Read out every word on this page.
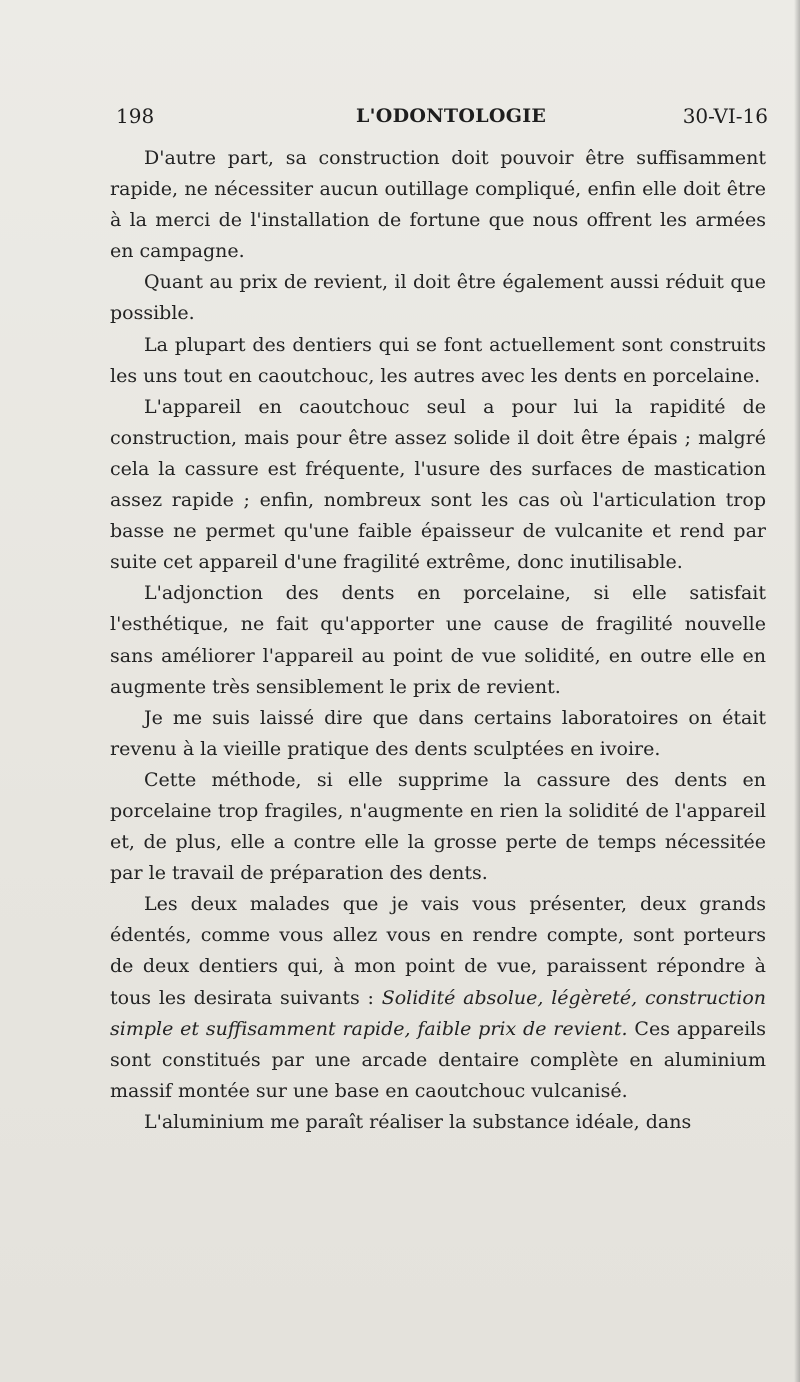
198	L'ODONTOLOGIE	30-VI-16

D'autre part, sa construction doit pouvoir être suffisamment rapide, ne nécessiter aucun outillage compliqué, enfin elle doit être à la merci de l'installation de fortune que nous offrent les armées en campagne.

Quant au prix de revient, il doit être également aussi réduit que possible.

La plupart des dentiers qui se font actuellement sont construits les uns tout en caoutchouc, les autres avec les dents en porcelaine.

L'appareil en caoutchouc seul a pour lui la rapidité de construction, mais pour être assez solide il doit être épais ; malgré cela la cassure est fréquente, l'usure des surfaces de mastication assez rapide ; enfin, nombreux sont les cas où l'articulation trop basse ne permet qu'une faible épaisseur de vulcanite et rend par suite cet appareil d'une fragilité extrême, donc inutilisable.

L'adjonction des dents en porcelaine, si elle satisfait l'esthétique, ne fait qu'apporter une cause de fragilité nouvelle sans améliorer l'appareil au point de vue solidité, en outre elle en augmente très sensiblement le prix de revient.

Je me suis laissé dire que dans certains laboratoires on était revenu à la vieille pratique des dents sculptées en ivoire.

Cette méthode, si elle supprime la cassure des dents en porcelaine trop fragiles, n'augmente en rien la solidité de l'appareil et, de plus, elle a contre elle la grosse perte de temps nécessitée par le travail de préparation des dents.

Les deux malades que je vais vous présenter, deux grands édentés, comme vous allez vous en rendre compte, sont porteurs de deux dentiers qui, à mon point de vue, paraissent répondre à tous les desirata suivants : Solidité absolue, légèreté, construction simple et suffisamment rapide, faible prix de revient. Ces appareils sont constitués par une arcade dentaire complète en aluminium massif montée sur une base en caoutchouc vulcanisé.

L'aluminium me paraît réaliser la substance idéale, dans
